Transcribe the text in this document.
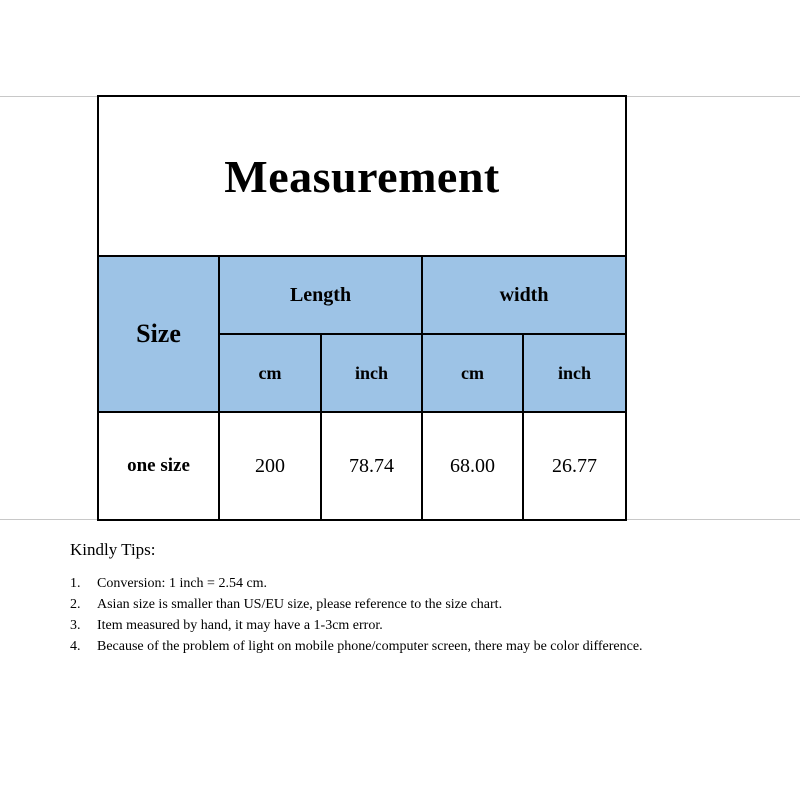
Measurement				
Size	Length		width	
	cm	inch	cm	inch
one size	200	78.74	68.00	26.77
Kindly Tips:
1. Conversion: 1 inch = 2.54 cm.
2. Asian size is smaller than US/EU size, please reference to the size chart.
3. Item measured by hand, it may have a 1-3cm error.
4. Because of the problem of light on mobile phone/computer screen, there may be color difference.
